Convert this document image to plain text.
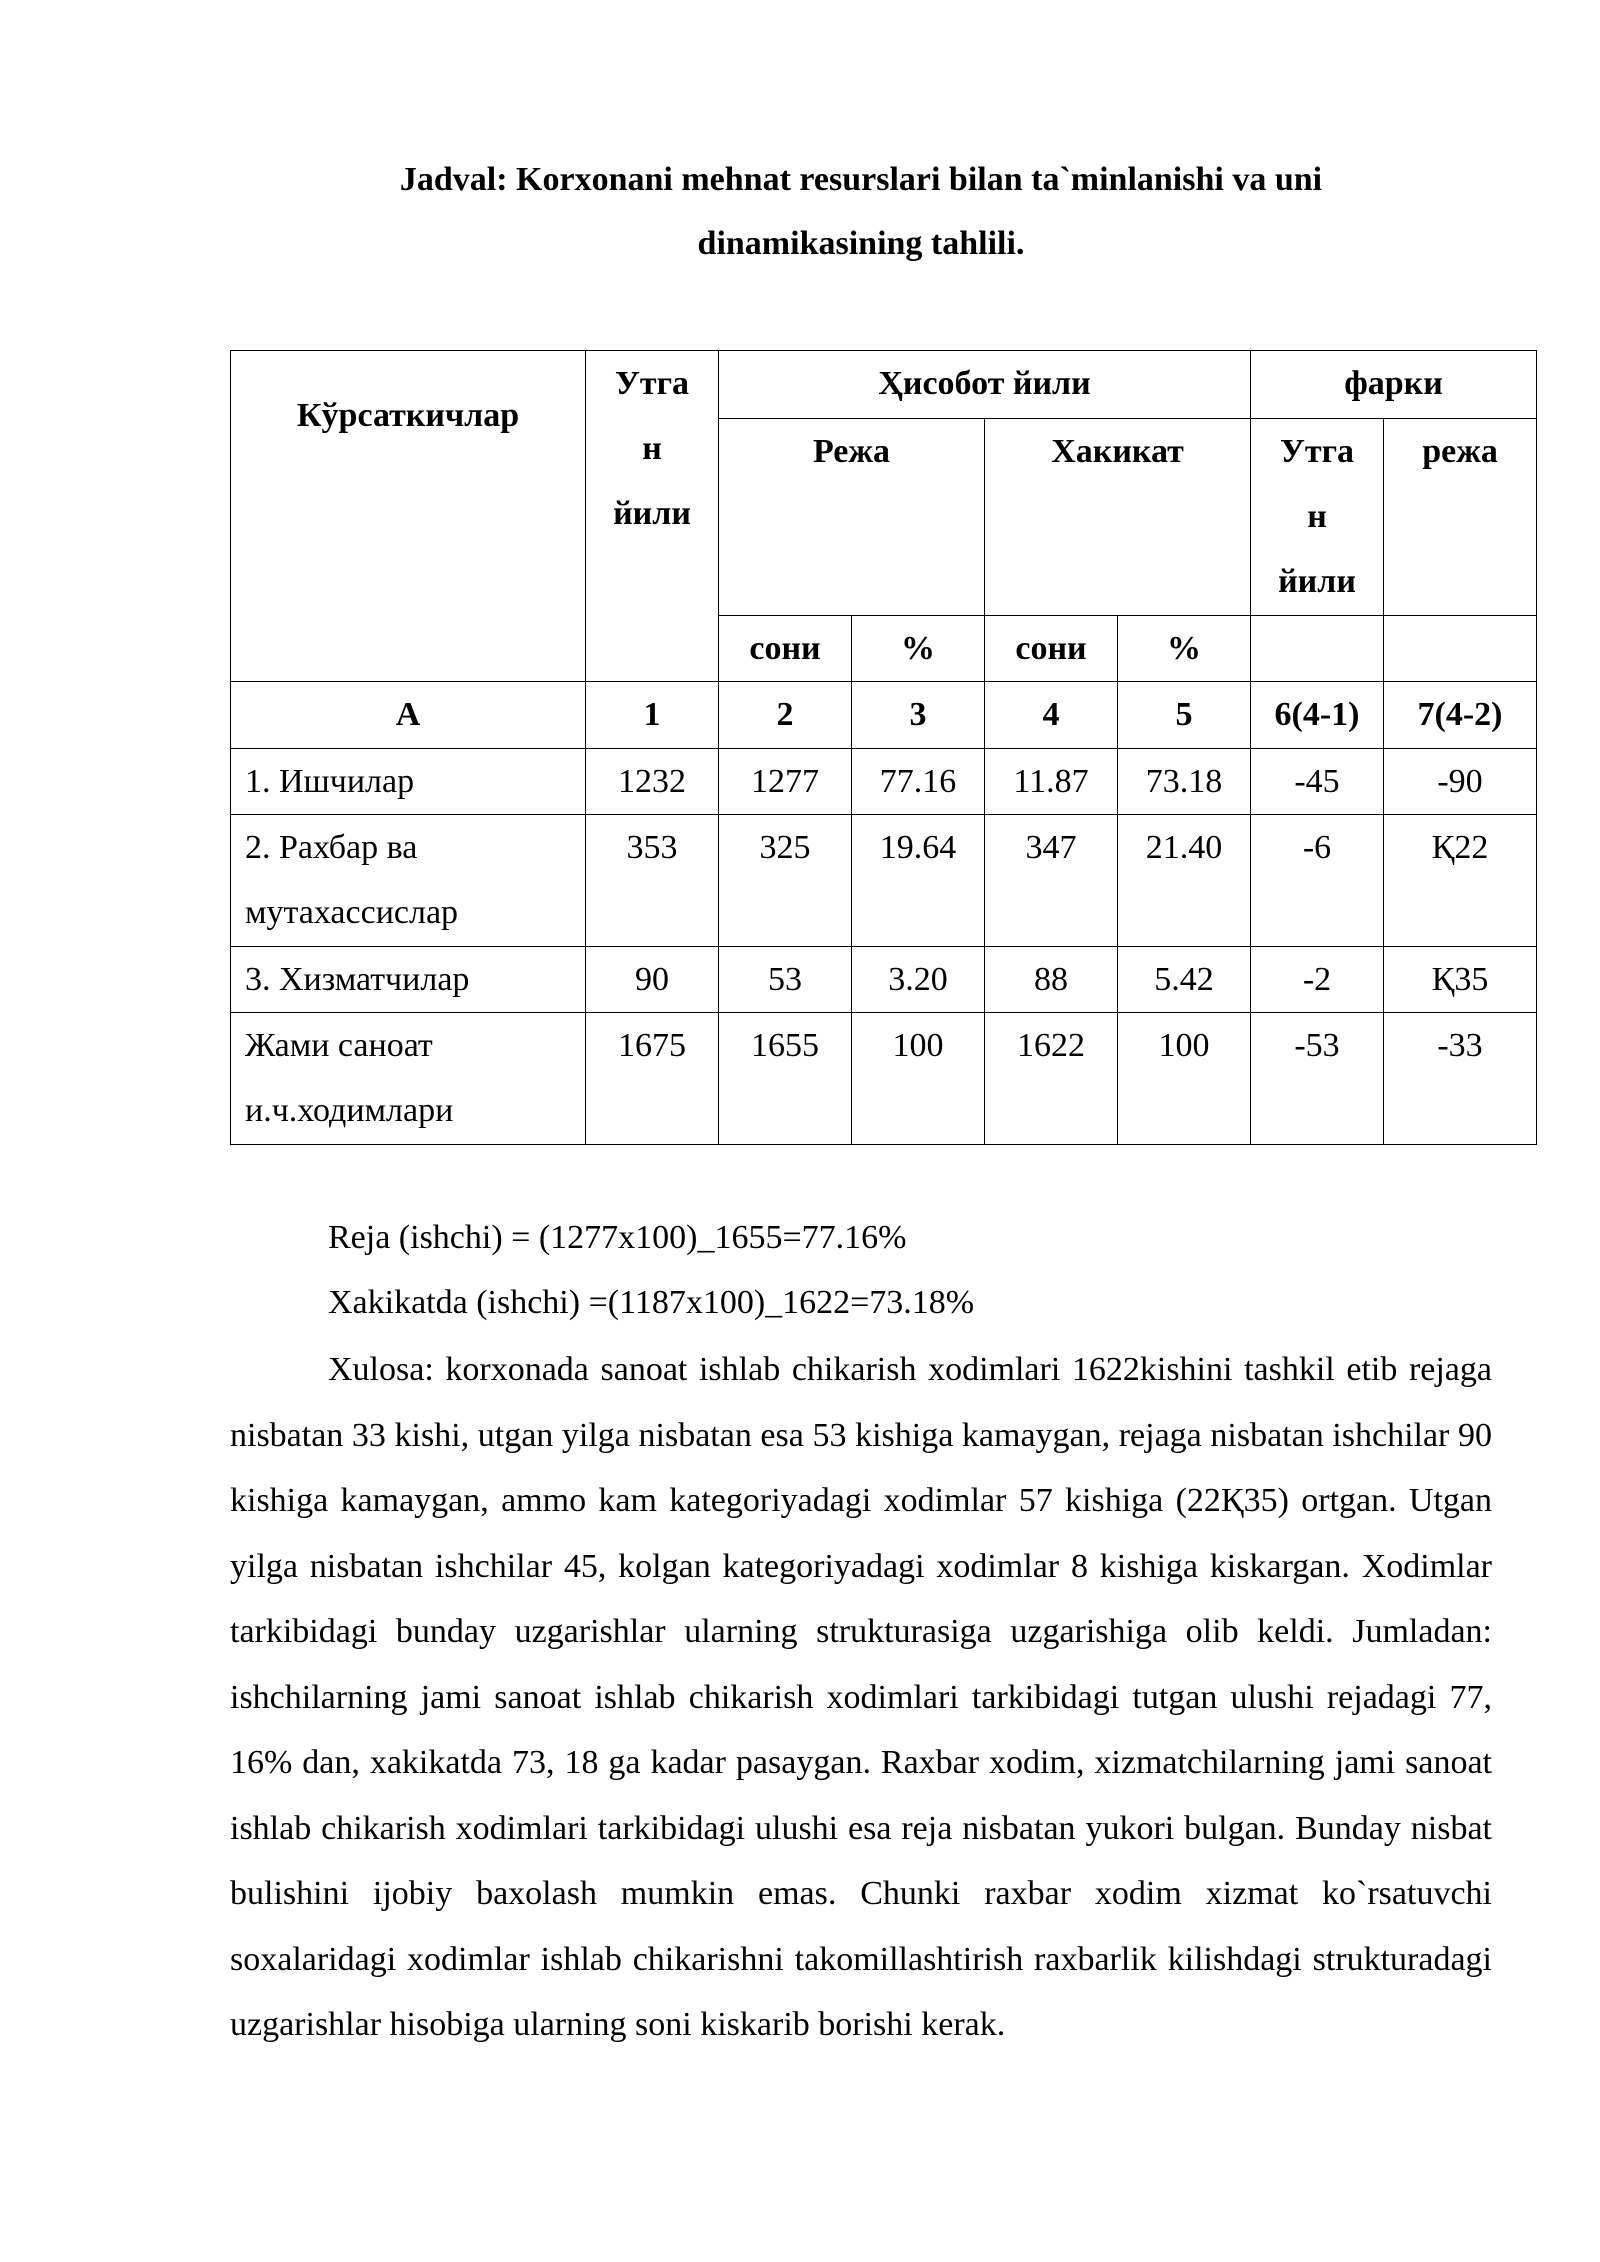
Jadval: Korxonani mehnat resurslari bilan ta`minlanishi va uni
dinamikasining tahlili.
Кўрсаткичлар	Утга
н
йили	Ҳисобот йили				фарки	
		Режа		Хакикат		Утга
н
йили	режа
		сони	%	сони	%		
А	1	2	3	4	5	6(4-1)	7(4-2)
1. Ишчилар	1232	1277	77.16	11.87	73.18	-45	-90

2. Рахбар ва
мутахассислар	353	325	19.64	347	21.40	-6	Қ22
3. Хизматчилар	90	53	3.20	88	5.42	-2	Қ35

Жами саноат
и.ч.ходимлари	1675	1655	100	1622	100	-53	-33
Reja (ishchi) = (1277x100)_1655=77.16%
Xakikatda (ishchi) =(1187x100)_1622=73.18%

Xulosa: korxonada sanoat ishlab chikarish xodimlari 1622kishini tashkil etib rejaga nisbatan 33 kishi, utgan yilga nisbatan esa 53 kishiga kamaygan, rejaga nisbatan ishchilar 90 kishiga kamaygan, ammo kam kategoriyadagi xodimlar 57 kishiga (22Қ35) ortgan. Utgan yilga nisbatan ishchilar 45, kolgan kategoriyadagi xodimlar 8 kishiga kiskargan. Xodimlar tarkibidagi bunday uzgarishlar ularning strukturasiga uzgarishiga olib keldi. Jumladan: ishchilarning jami sanoat ishlab chikarish xodimlari tarkibidagi tutgan ulushi rejadagi 77, 16% dan, xakikatda 73, 18 ga kadar pasaygan. Raxbar xodim, xizmatchilarning jami sanoat ishlab chikarish xodimlari tarkibidagi ulushi esa reja nisbatan yukori bulgan. Bunday nisbat bulishini ijobiy baxolash mumkin emas. Chunki raxbar xodim xizmat ko`rsatuvchi soxalaridagi xodimlar ishlab chikarishni takomillashtirish raxbarlik kilishdagi strukturadagi uzgarishlar hisobiga ularning soni kiskarib borishi kerak.
